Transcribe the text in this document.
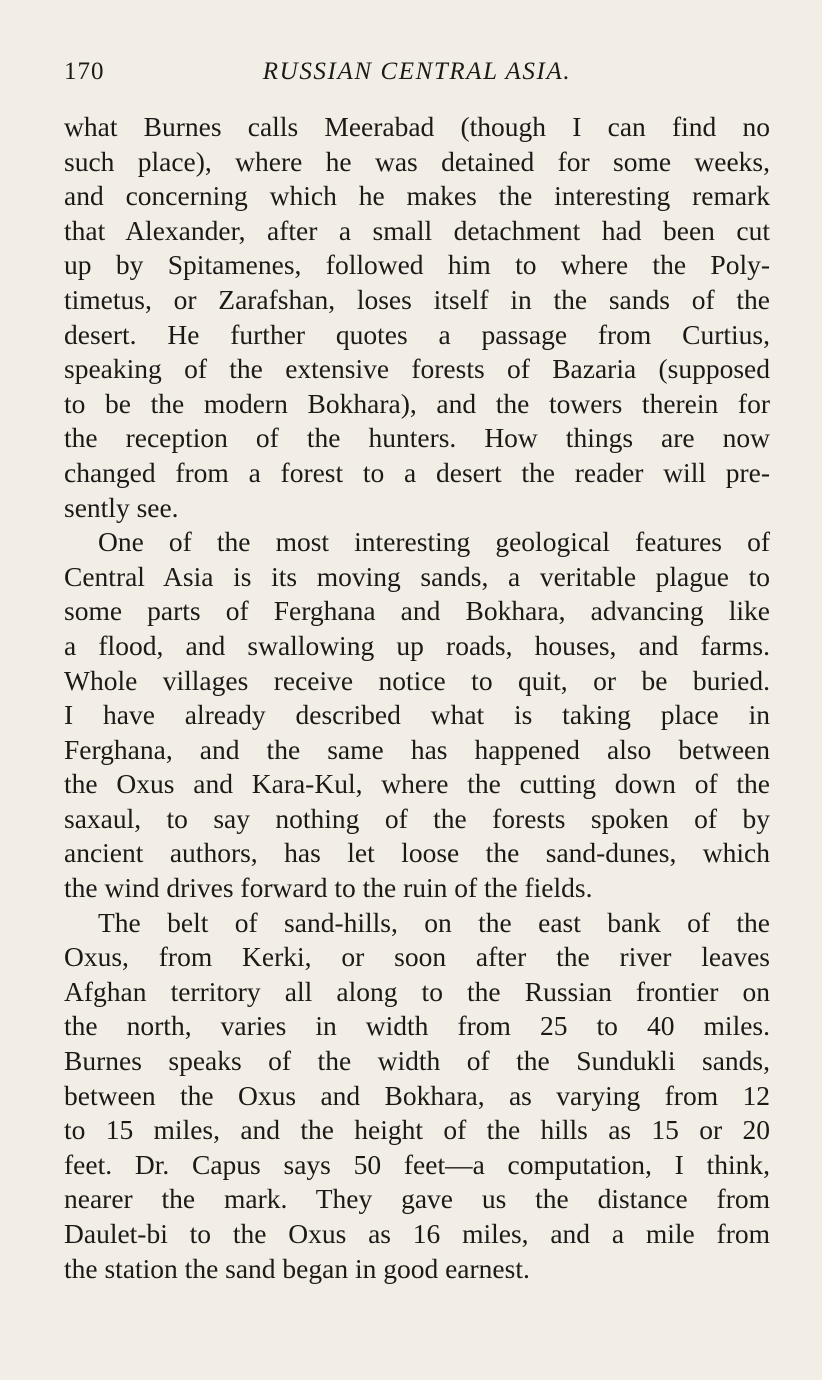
170	RUSSIAN CENTRAL ASIA.
what Burnes calls Meerabad (though I can find no
such place), where he was detained for some weeks,
and concerning which he makes the interesting remark
that Alexander, after a small detachment had been cut
up by Spitamenes, followed him to where the Poly-
timetus, or Zarafshan, loses itself in the sands of the
desert. He further quotes a passage from Curtius,
speaking of the extensive forests of Bazaria (supposed
to be the modern Bokhara), and the towers therein for
the reception of the hunters. How things are now
changed from a forest to a desert the reader will pre-
sently see.
One of the most interesting geological features of
Central Asia is its moving sands, a veritable plague to
some parts of Ferghana and Bokhara, advancing like
a flood, and swallowing up roads, houses, and farms.
Whole villages receive notice to quit, or be buried.
I have already described what is taking place in
Ferghana, and the same has happened also between
the Oxus and Kara-Kul, where the cutting down of the
saxaul, to say nothing of the forests spoken of by
ancient authors, has let loose the sand-dunes, which
the wind drives forward to the ruin of the fields.
The belt of sand-hills, on the east bank of the
Oxus, from Kerki, or soon after the river leaves
Afghan territory all along to the Russian frontier on
the north, varies in width from 25 to 40 miles.
Burnes speaks of the width of the Sundukli sands,
between the Oxus and Bokhara, as varying from 12
to 15 miles, and the height of the hills as 15 or 20
feet. Dr. Capus says 50 feet—a computation, I think,
nearer the mark. They gave us the distance from
Daulet-bi to the Oxus as 16 miles, and a mile from
the station the sand began in good earnest.
